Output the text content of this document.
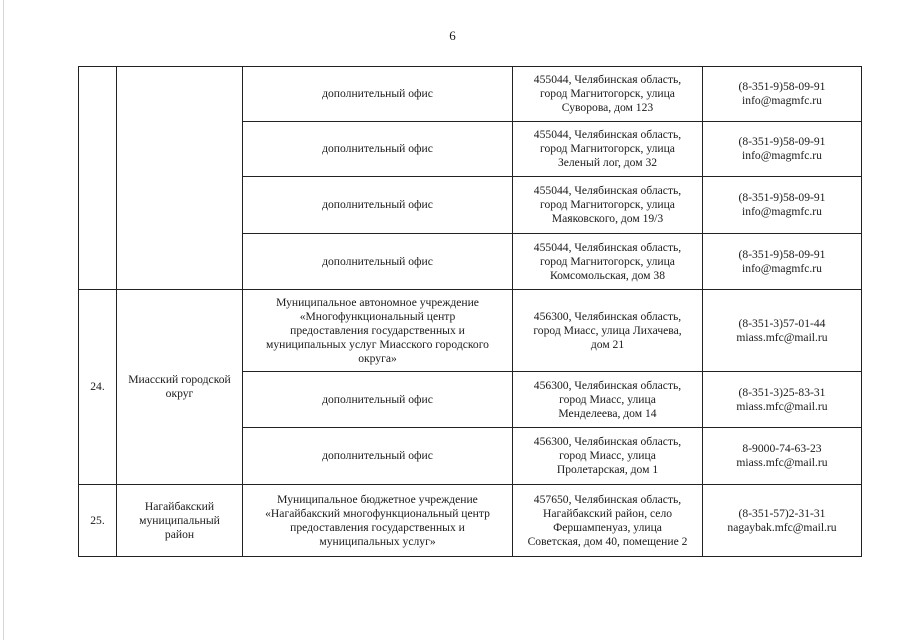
6
		дополнительный офис	455044, Челябинская область,
город Магнитогорск, улица
Суворова, дом 123	(8-351-9)58-09-91
info@magmfc.ru
		дополнительный офис	455044, Челябинская область,
город Магнитогорск, улица
Зеленый лог, дом 32	(8-351-9)58-09-91
info@magmfc.ru
		дополнительный офис	455044, Челябинская область,
город Магнитогорск, улица
Маяковского, дом 19/3	(8-351-9)58-09-91
info@magmfc.ru
		дополнительный офис	455044, Челябинская область,
город Магнитогорск, улица
Комсомольская, дом 38	(8-351-9)58-09-91
info@magmfc.ru
24.	Миасский городской
округ	Муниципальное автономное учреждение
«Многофункциональный центр
предоставления государственных и
муниципальных услуг Миасского городского
округа»	456300, Челябинская область,
город Миасс, улица Лихачева,
дом 21	(8-351-3)57-01-44
miass.mfc@mail.ru
		дополнительный офис	456300, Челябинская область,
город Миасс, улица
Менделеева, дом 14	(8-351-3)25-83-31
miass.mfc@mail.ru
		дополнительный офис	456300, Челябинская область,
город Миасс, улица
Пролетарская, дом 1	8-9000-74-63-23
miass.mfc@mail.ru
25.	Нагайбакский
муниципальный
район	Муниципальное бюджетное учреждение
«Нагайбакский многофункциональный центр
предоставления государственных и
муниципальных услуг»	457650, Челябинская область,
Нагайбакский район, село
Фершампенуаз, улица
Советская, дом 40, помещение 2	(8-351-57)2-31-31
nagaybak.mfc@mail.ru
